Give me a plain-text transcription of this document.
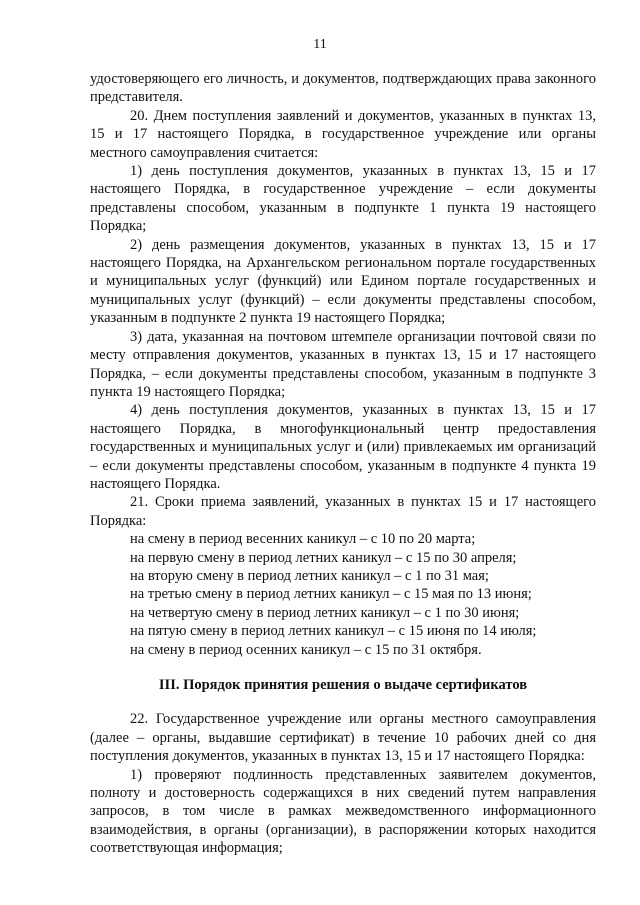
11

удостоверяющего его личность, и документов, подтверждающих права законного представителя.

20. Днем поступления заявлений и документов, указанных в пунктах 13, 15 и 17 настоящего Порядка, в государственное учреждение или органы местного самоуправления считается:

1) день поступления документов, указанных в пунктах 13, 15 и 17 настоящего Порядка, в государственное учреждение – если документы представлены способом, указанным в подпункте 1 пункта 19 настоящего Порядка;

2) день размещения документов, указанных в пунктах 13, 15 и 17 настоящего Порядка, на Архангельском региональном портале государственных и муниципальных услуг (функций) или Едином портале государственных и муниципальных услуг (функций) – если документы представлены способом, указанным в подпункте 2 пункта 19 настоящего Порядка;

3) дата, указанная на почтовом штемпеле организации почтовой связи по месту отправления документов, указанных в пунктах 13, 15 и 17 настоящего Порядка, – если документы представлены способом, указанным в подпункте 3 пункта 19 настоящего Порядка;

4) день поступления документов, указанных в пунктах 13, 15 и 17 настоящего Порядка, в многофункциональный центр предоставления государственных и муниципальных услуг и (или) привлекаемых им организаций – если документы представлены способом, указанным в подпункте 4 пункта 19 настоящего Порядка.

21. Сроки приема заявлений, указанных в пунктах 15 и 17 настоящего Порядка:

на смену в период весенних каникул – с 10 по 20 марта;

на первую смену в период летних каникул – с 15 по 30 апреля;

на вторую смену в период летних каникул – с 1 по 31 мая;

на третью смену в период летних каникул – с 15 мая по 13 июня;

на четвертую смену в период летних каникул – с 1 по 30 июня;

на пятую смену в период летних каникул – с 15 июня по 14 июля;

на смену в период осенних каникул – с 15 по 31 октября.

III. Порядок принятия решения о выдаче сертификатов

22. Государственное учреждение или органы местного самоуправления (далее – органы, выдавшие сертификат) в течение 10 рабочих дней со дня поступления документов, указанных в пунктах 13, 15 и 17 настоящего Порядка:

1) проверяют подлинность представленных заявителем документов, полноту и достоверность содержащихся в них сведений путем направления запросов, в том числе в рамках межведомственного информационного взаимодействия, в органы (организации), в распоряжении которых находится соответствующая информация;
